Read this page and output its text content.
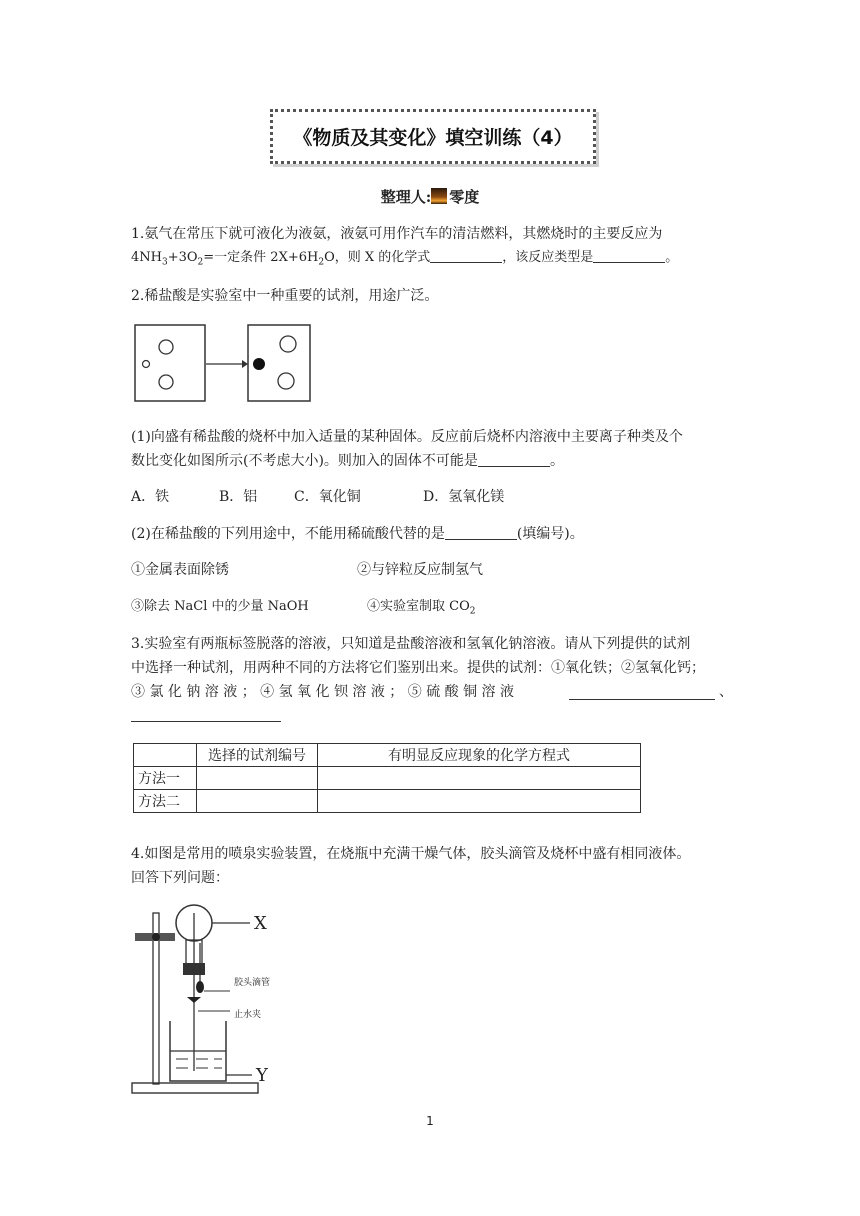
《物质及其变化》填空训练（4）
整理人: 零度
1.氨气在常压下就可液化为液氨，液氨可用作汽车的清洁燃料，其燃烧时的主要反应为
$4NH_3+3O_2=$一定条件 $2X+6H_2O$，则 X 的化学式	，该反应类型是	。
2.稀盐酸是实验室中一种重要的试剂，用途广泛。
(1)向盛有稀盐酸的烧杯中加入适量的某种固体。反应前后烧杯内溶液中主要离子种类及个
数比变化如图所示(不考虑大小)。则加入的固体不可能是	。
A．铁	B．铝	C．氧化铜	D．氢氧化镁
(2)在稀盐酸的下列用途中，不能用稀硫酸代替的是	(填编号)。
①金属表面除锈	②与锌粒反应制氢气
③除去 NaCl 中的少量 NaOH	④实验室制取 $CO_2$
3.实验室有两瓶标签脱落的溶液，只知道是盐酸溶液和氢氧化钠溶液。请从下列提供的试剂
中选择一种试剂，用两种不同的方法将它们鉴别出来。提供的试剂：①氧化铁；②氢氧化钙；
③ 氯 化 钠 溶 液 ； ④ 氢 氧 化 钡 溶 液 ； ⑤ 硫 酸 铜 溶 液	、
	选择的试剂编号	有明显反应现象的化学方程式
方法一		
方法二		
4.如图是常用的喷泉实验装置，在烧瓶中充满干燥气体，胶头滴管及烧杯中盛有相同液体。
回答下列问题：
X
胶头滴管
止水夹
Y
1
